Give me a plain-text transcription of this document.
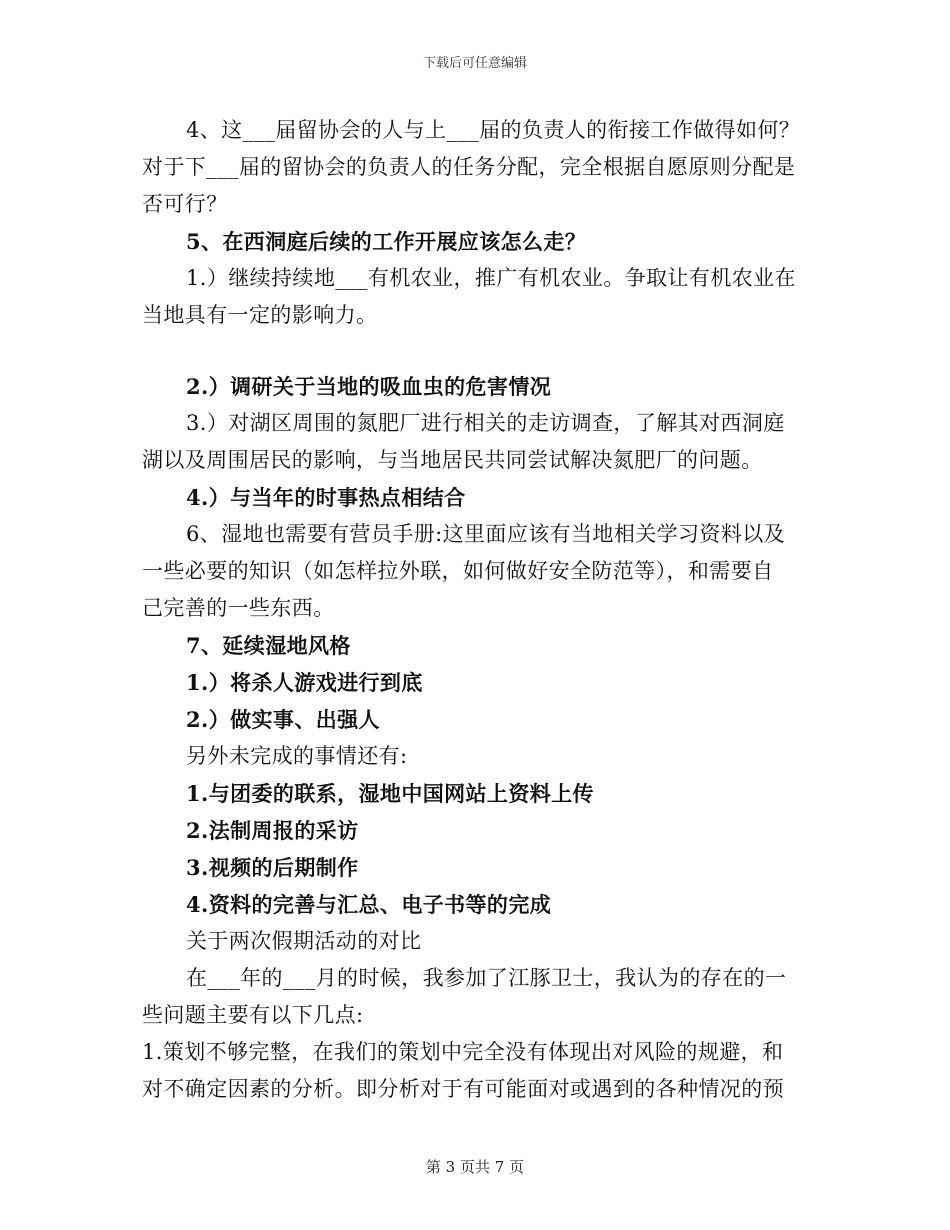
下载后可任意编辑
4、这___届留协会的人与上___届的负责人的衔接工作做得如何？
对于下___届的留协会的负责人的任务分配，完全根据自愿原则分配是
否可行？
5、在西洞庭后续的工作开展应该怎么走？
1.）继续持续地___有机农业，推广有机农业。争取让有机农业在
当地具有一定的影响力。
2.）调研关于当地的吸血虫的危害情况
3.）对湖区周围的氮肥厂进行相关的走访调查，了解其对西洞庭
湖以及周围居民的影响，与当地居民共同尝试解决氮肥厂的问题。
4.）与当年的时事热点相结合
6、湿地也需要有营员手册:这里面应该有当地相关学习资料以及
一些必要的知识（如怎样拉外联，如何做好安全防范等），和需要自
己完善的一些东西。
7、延续湿地风格
1.）将杀人游戏进行到底
2.）做实事、出强人
另外未完成的事情还有:
1.与团委的联系，湿地中国网站上资料上传
2.法制周报的采访
3.视频的后期制作
4.资料的完善与汇总、电子书等的完成
关于两次假期活动的对比
在___年的___月的时候，我参加了江豚卫士，我认为的存在的一
些问题主要有以下几点:
1.策划不够完整，在我们的策划中完全没有体现出对风险的规避，和
对不确定因素的分析。即分析对于有可能面对或遇到的各种情况的预
第 3 页共 7 页
